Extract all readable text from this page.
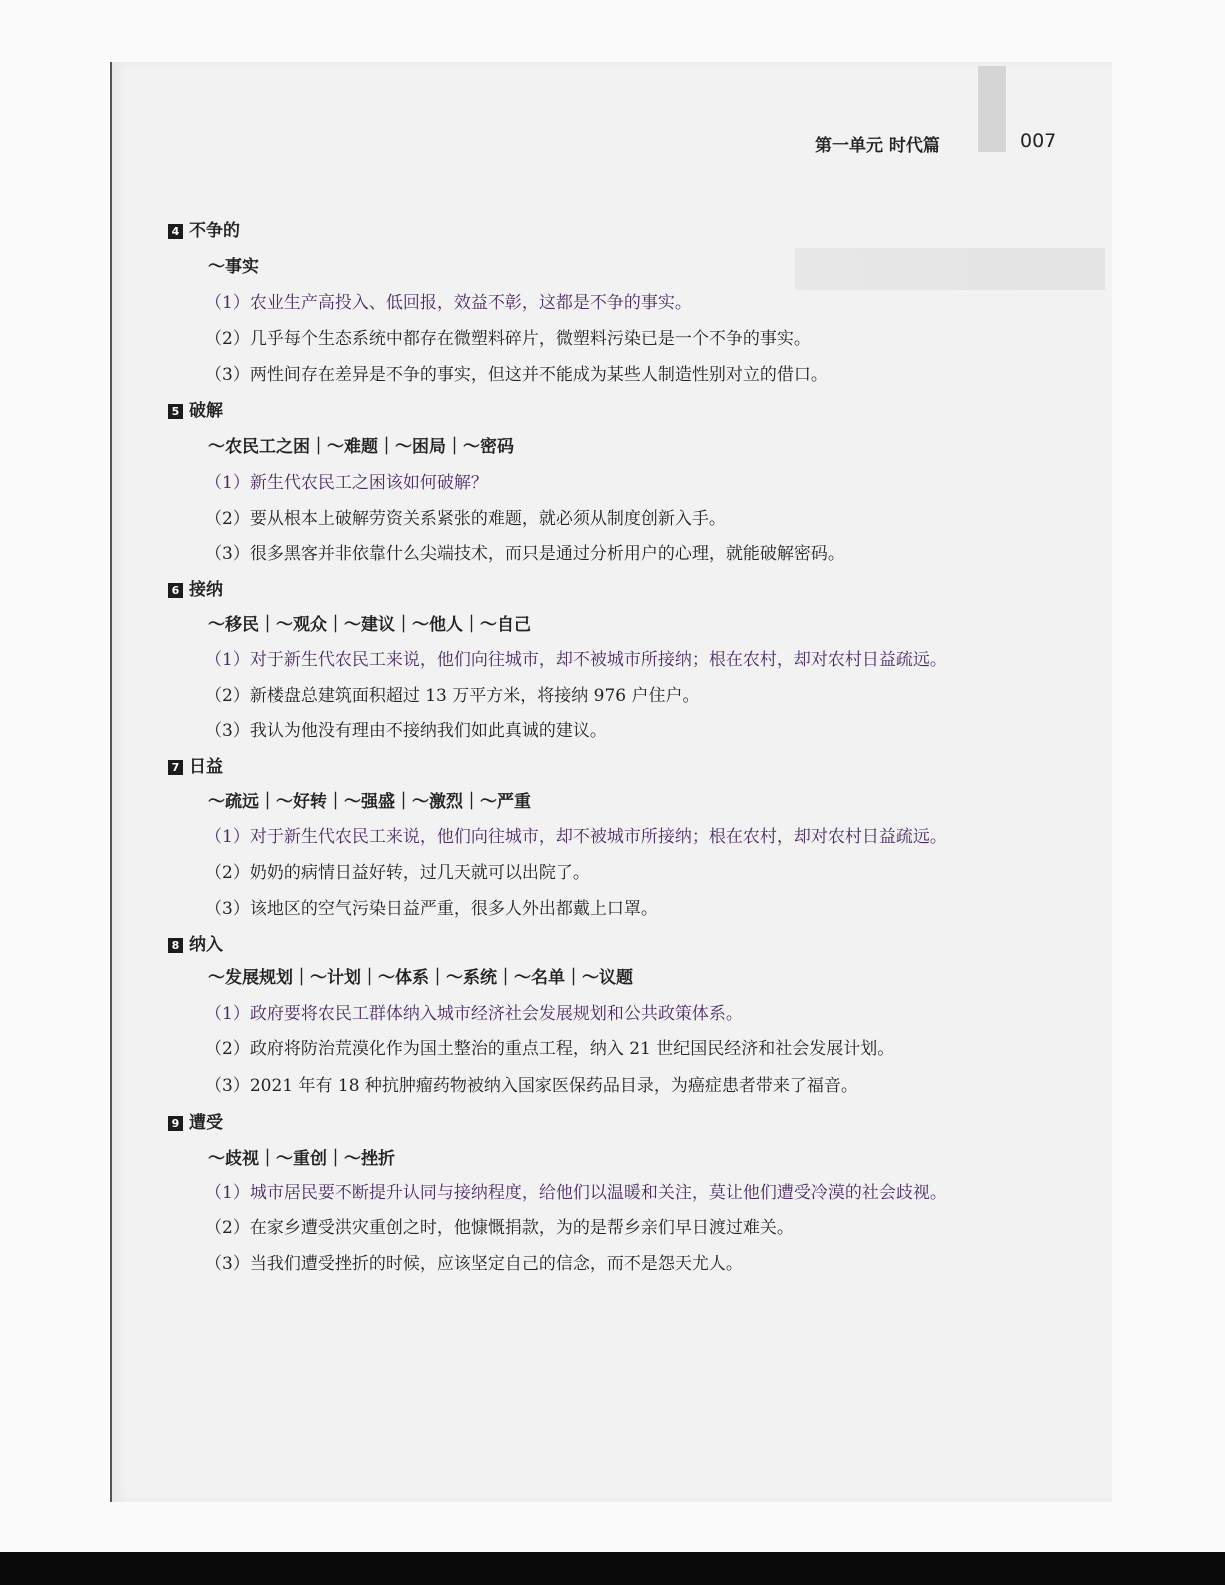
第一单元 时代篇	007
4 不争的
～事实
（1）农业生产高投入、低回报，效益不彰，这都是不争的事实。
（2）几乎每个生态系统中都存在微塑料碎片，微塑料污染已是一个不争的事实。
（3）两性间存在差异是不争的事实，但这并不能成为某些人制造性别对立的借口。
5 破解
～农民工之困｜～难题｜～困局｜～密码
（1）新生代农民工之困该如何破解？
（2）要从根本上破解劳资关系紧张的难题，就必须从制度创新入手。
（3）很多黑客并非依靠什么尖端技术，而只是通过分析用户的心理，就能破解密码。
6 接纳
～移民｜～观众｜～建议｜～他人｜～自己
（1）对于新生代农民工来说，他们向往城市，却不被城市所接纳；根在农村，却对农村日益疏远。
（2）新楼盘总建筑面积超过 13 万平方米，将接纳 976 户住户。
（3）我认为他没有理由不接纳我们如此真诚的建议。
7 日益
～疏远｜～好转｜～强盛｜～激烈｜～严重
（1）对于新生代农民工来说，他们向往城市，却不被城市所接纳；根在农村，却对农村日益疏远。
（2）奶奶的病情日益好转，过几天就可以出院了。
（3）该地区的空气污染日益严重，很多人外出都戴上口罩。
8 纳入
～发展规划｜～计划｜～体系｜～系统｜～名单｜～议题
（1）政府要将农民工群体纳入城市经济社会发展规划和公共政策体系。
（2）政府将防治荒漠化作为国土整治的重点工程，纳入 21 世纪国民经济和社会发展计划。
（3）2021 年有 18 种抗肿瘤药物被纳入国家医保药品目录，为癌症患者带来了福音。
9 遭受
～歧视｜～重创｜～挫折
（1）城市居民要不断提升认同与接纳程度，给他们以温暖和关注，莫让他们遭受冷漠的社会歧视。
（2）在家乡遭受洪灾重创之时，他慷慨捐款，为的是帮乡亲们早日渡过难关。
（3）当我们遭受挫折的时候，应该坚定自己的信念，而不是怨天尤人。
